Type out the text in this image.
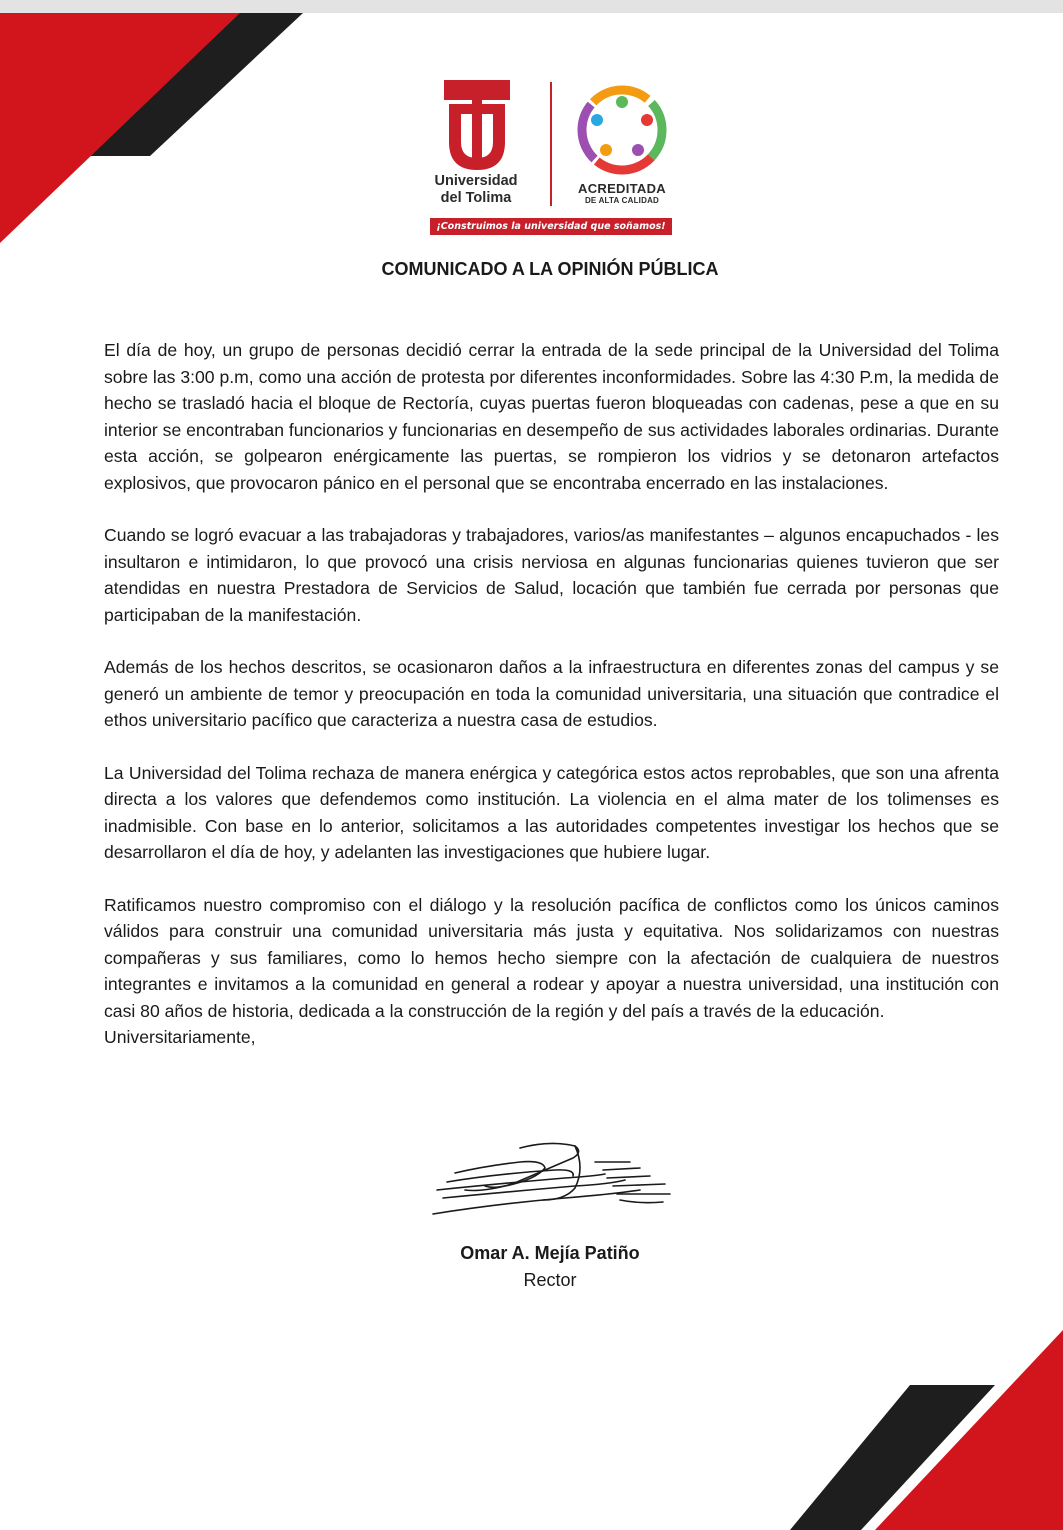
Universidad
del Tolima
ACREDITADA
DE ALTA CALIDAD
¡Construimos la universidad que soñamos!
COMUNICADO A LA OPINIÓN PÚBLICA

El día de hoy, un grupo de personas decidió cerrar la entrada de la sede principal de la Universidad del Tolima sobre las 3:00 p.m, como una acción de protesta por diferentes inconformidades. Sobre las 4:30 P.m, la medida de hecho se trasladó hacia el bloque de Rectoría, cuyas puertas fueron bloqueadas con cadenas, pese a que en su interior se encontraban funcionarios y funcionarias en desempeño de sus actividades laborales ordinarias. Durante esta acción, se golpearon enérgicamente las puertas, se rompieron los vidrios y se detonaron artefactos explosivos, que provocaron pánico en el personal que se encontraba encerrado en las instalaciones.

Cuando se logró evacuar a las trabajadoras y trabajadores, varios/as manifestantes – algunos encapuchados - les insultaron e intimidaron, lo que provocó una crisis nerviosa en algunas funcionarias quienes tuvieron que ser atendidas en nuestra Prestadora de Servicios de Salud, locación que también fue cerrada por personas que participaban de la manifestación.

Además de los hechos descritos, se ocasionaron daños a la infraestructura en diferentes zonas del campus y se generó un ambiente de temor y preocupación en toda la comunidad universitaria, una situación que contradice el ethos universitario pacífico que caracteriza a nuestra casa de estudios.

La Universidad del Tolima rechaza de manera enérgica y categórica estos actos reprobables, que son una afrenta directa a los valores que defendemos como institución. La violencia en el alma mater de los tolimenses es inadmisible. Con base en lo anterior, solicitamos a las autoridades competentes investigar los hechos que se desarrollaron el día de hoy, y adelanten las investigaciones que hubiere lugar.

Ratificamos nuestro compromiso con el diálogo y la resolución pacífica de conflictos como los únicos caminos válidos para construir una comunidad universitaria más justa y equitativa. Nos solidarizamos con nuestras compañeras y sus familiares, como lo hemos hecho siempre con la afectación de cualquiera de nuestros integrantes e invitamos a la comunidad en general a rodear y apoyar a nuestra universidad, una institución con casi 80 años de historia, dedicada a la construcción de la región y del país a través de la educación.

Universitariamente,

Omar A. Mejía Patiño
Rector
